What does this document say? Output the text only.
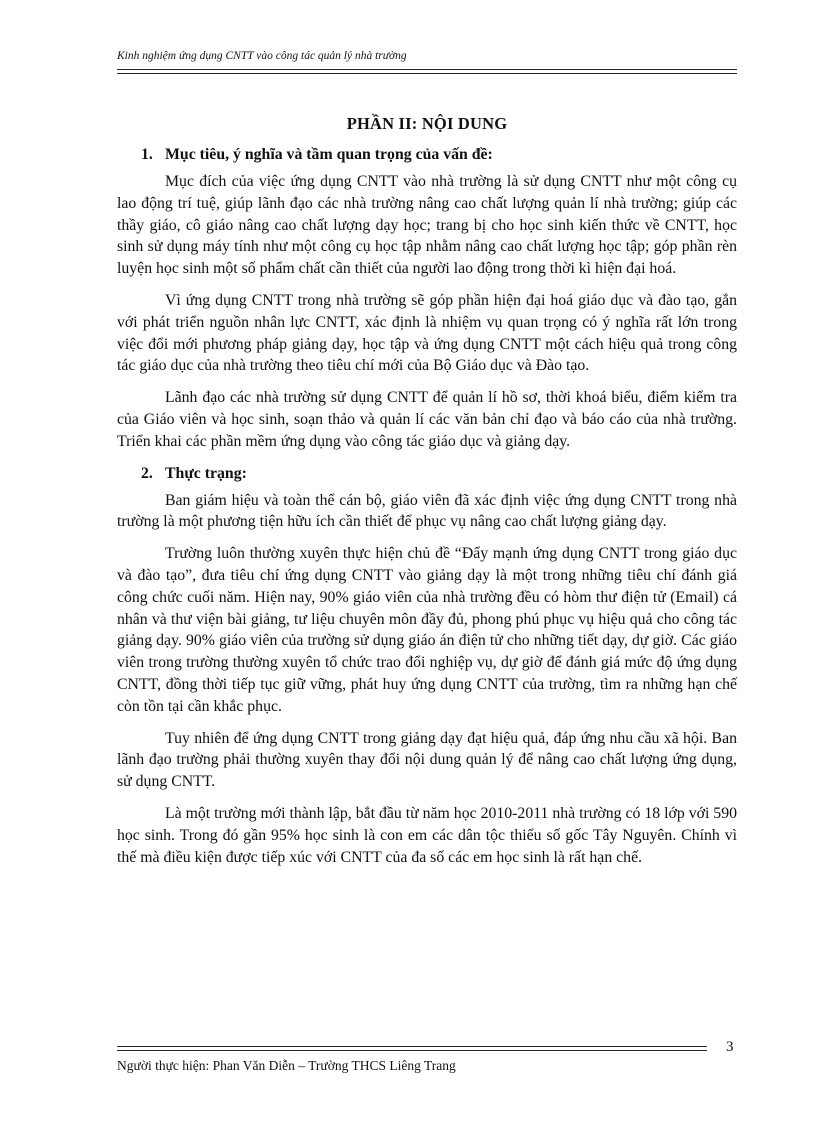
Kinh nghiệm ứng dụng CNTT vào công tác quản lý nhà trường
PHẦN II: NỘI DUNG
1. Mục tiêu, ý nghĩa và tầm quan trọng của vấn đề:

Mục đích của việc ứng dụng CNTT vào nhà trường là sử dụng CNTT như một công cụ lao động trí tuệ, giúp lãnh đạo các nhà trường nâng cao chất lượng quản lí nhà trường; giúp các thầy giáo, cô giáo nâng cao chất lượng dạy học; trang bị cho học sinh kiến thức về CNTT, học sinh sử dụng máy tính như một công cụ học tập nhằm nâng cao chất lượng học tập; góp phần rèn luyện học sinh một số phẩm chất cần thiết của người lao động trong thời kì hiện đại hoá.

Vì ứng dụng CNTT trong nhà trường sẽ góp phần hiện đại hoá giáo dục và đào tạo, gắn với phát triển nguồn nhân lực CNTT, xác định là nhiệm vụ quan trọng có ý nghĩa rất lớn trong việc đổi mới phương pháp giảng dạy, học tập và ứng dụng CNTT một cách hiệu quả trong công tác giáo dục của nhà trường theo tiêu chí mới của Bộ Giáo dục và Đào tạo.

Lãnh đạo các nhà trường sử dụng CNTT để quản lí hồ sơ, thời khoá biểu, điểm kiểm tra của Giáo viên và học sinh, soạn thảo và quản lí các văn bản chỉ đạo và báo cáo của nhà trường. Triển khai các phần mềm ứng dụng vào công tác giáo dục và giảng dạy.

2. Thực trạng:

Ban giám hiệu và toàn thể cán bộ, giáo viên đã xác định việc ứng dụng CNTT trong nhà trường là một phương tiện hữu ích cần thiết để phục vụ nâng cao chất lượng giảng dạy.

Trường luôn thường xuyên thực hiện chủ đề “Đẩy mạnh ứng dụng CNTT trong giáo dục và đào tạo”, đưa tiêu chí ứng dụng CNTT vào giảng dạy là một trong những tiêu chí đánh giá công chức cuối năm. Hiện nay, 90% giáo viên của nhà trường đều có hòm thư điện tử (Email) cá nhân và thư viện bài giảng, tư liệu chuyên môn đầy đủ, phong phú phục vụ hiệu quả cho công tác giảng dạy. 90% giáo viên của trường sử dụng giáo án điện tử cho những tiết dạy, dự giờ. Các giáo viên trong trường thường xuyên tổ chức trao đổi nghiệp vụ, dự giờ để đánh giá mức độ ứng dụng CNTT, đồng thời tiếp tục giữ vững, phát huy ứng dụng CNTT của trường, tìm ra những hạn chế còn tồn tại cần khắc phục.

Tuy nhiên để ứng dụng CNTT trong giảng dạy đạt hiệu quả, đáp ứng nhu cầu xã hội. Ban lãnh đạo trường phải thường xuyên thay đổi nội dung quản lý để nâng cao chất lượng ứng dụng, sử dụng CNTT.

Là một trường mới thành lập, bắt đầu từ năm học 2010-2011 nhà trường có 18 lớp với 590 học sinh. Trong đó gần 95% học sinh là con em các dân tộc thiểu số gốc Tây Nguyên. Chính vì thế mà điều kiện được tiếp xúc với CNTT của đa số các em học sinh là rất hạn chế.

3
Người thực hiện: Phan Văn Diễn – Trường THCS Liêng Trang
